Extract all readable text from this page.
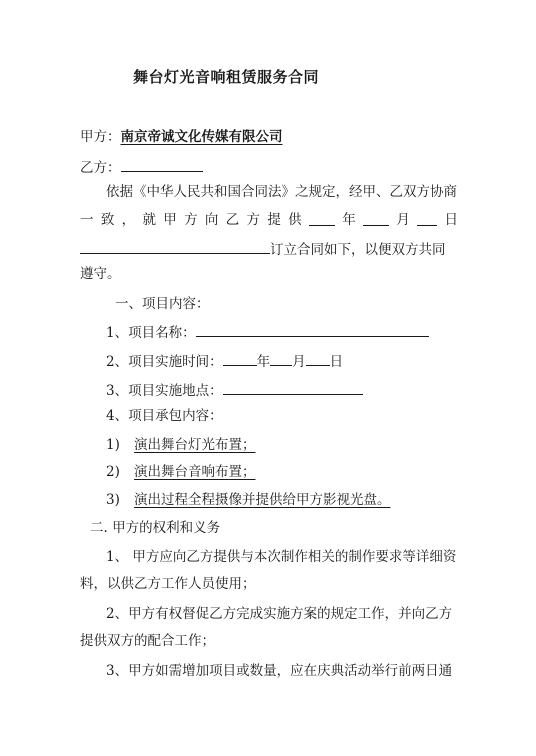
舞台灯光音响租赁服务合同
甲方：南京帝诚文化传媒有限公司
乙方：
依据《中华人民共和国合同法》之规定，经甲、乙双方协商
一 致 ， 就 甲 方 向 乙 方 提 供	年	月	日
订立合同如下，以便双方共同
遵守。
一、项目内容：
1、项目名称：
2、项目实施时间：	年 月 日
3、项目实施地点：
4、项目承包内容：
1) 演出舞台灯光布置；
2) 演出舞台音响布置；
3) 演出过程全程摄像并提供给甲方影视光盘。
二. 甲方的权利和义务
1、 甲方应向乙方提供与本次制作相关的制作要求等详细资
料，以供乙方工作人员使用；
2、甲方有权督促乙方完成实施方案的规定工作，并向乙方
提供双方的配合工作；
3、甲方如需增加项目或数量，应在庆典活动举行前两日通
